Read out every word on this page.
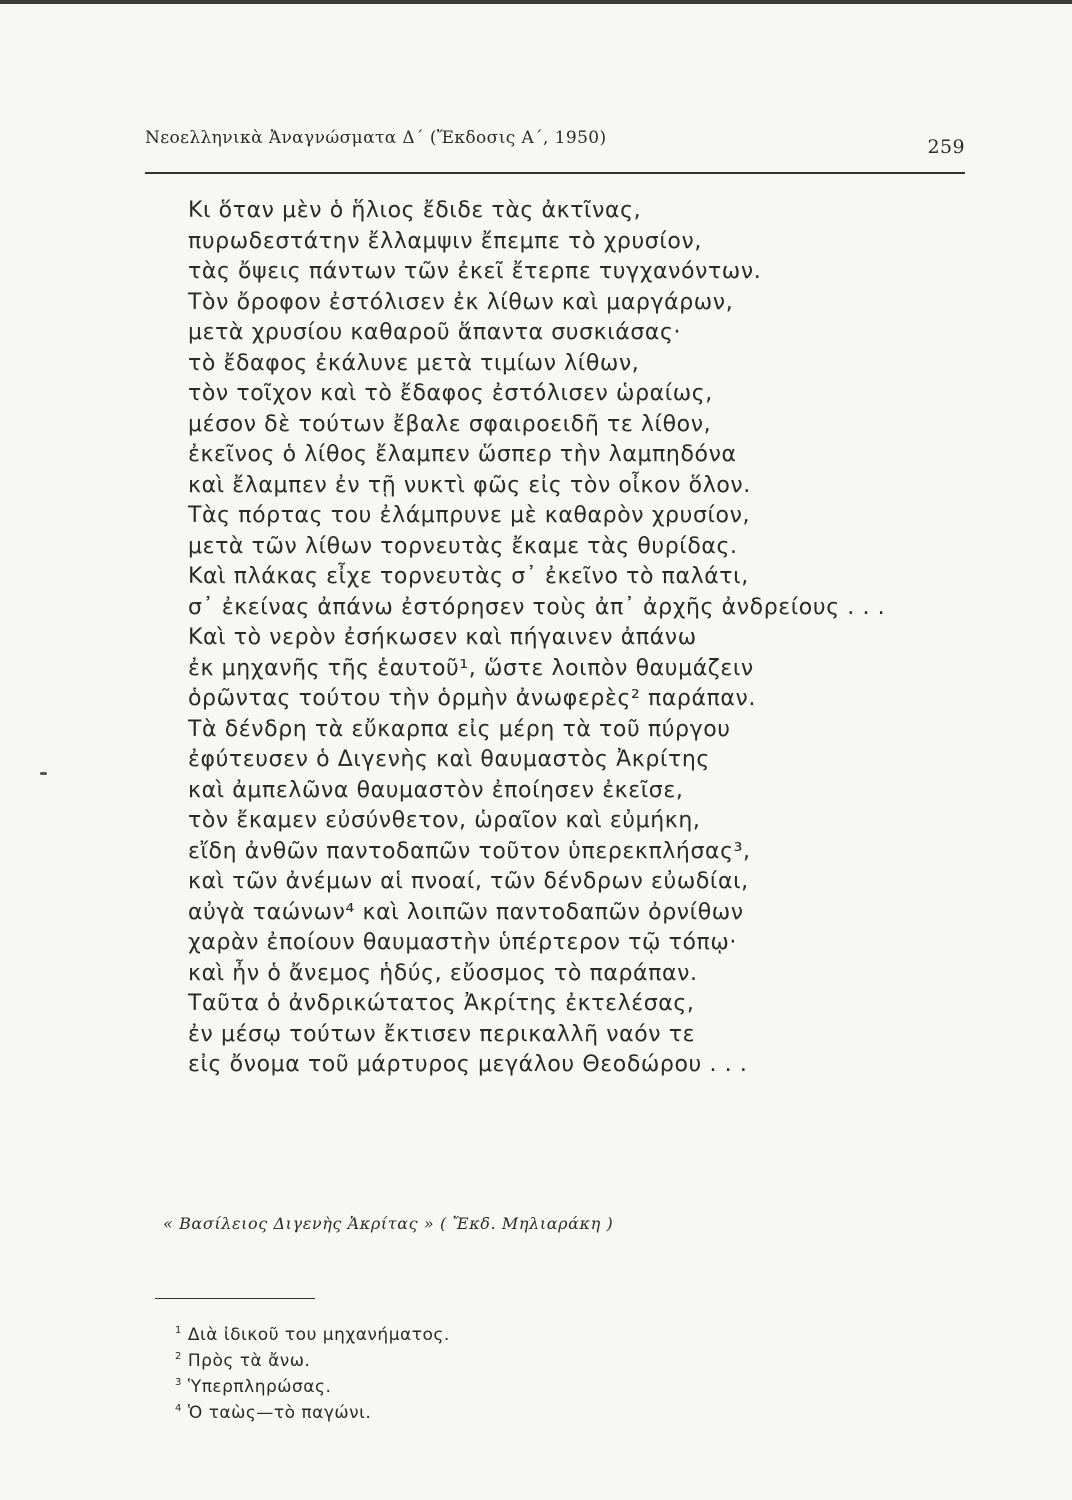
Νεοελληνικὰ Ἀναγνώσματα Δ΄ (Ἔκδοσις Α΄, 1950)	259
Κι ὅταν μὲν ὁ ἥλιος ἔδιδε τὰς ἀκτῖνας,
πυρωδεστάτην ἔλλαμψιν ἔπεμπε τὸ χρυσίον,
τὰς ὄψεις πάντων τῶν ἐκεῖ ἔτερπε τυγχανόντων.
Τὸν ὄροφον ἐστόλισεν ἐκ λίθων καὶ μαργάρων,
μετὰ χρυσίου καθαροῦ ἅπαντα συσκιάσας·
τὸ ἔδαφος ἐκάλυνε μετὰ τιμίων λίθων,
τὸν τοῖχον καὶ τὸ ἔδαφος ἐστόλισεν ὡραίως,
μέσον δὲ τούτων ἔβαλε σφαιροειδῆ τε λίθον,
ἐκεῖνος ὁ λίθος ἔλαμπεν ὥσπερ τὴν λαμπηδόνα
καὶ ἔλαμπεν ἐν τῇ νυκτὶ φῶς εἰς τὸν οἶκον ὅλον.
Τὰς πόρτας του ἐλάμπρυνε μὲ καθαρὸν χρυσίον,
μετὰ τῶν λίθων τορνευτὰς ἔκαμε τὰς θυρίδας.
Καὶ πλάκας εἶχε τορνευτὰς σ᾽ ἐκεῖνο τὸ παλάτι,
σ᾽ ἐκείνας ἀπάνω ἐστόρησεν τοὺς ἀπ᾽ ἀρχῆς ἀνδρείους . . .
Καὶ τὸ νερὸν ἐσήκωσεν καὶ πήγαινεν ἀπάνω
ἐκ μηχανῆς τῆς ἑαυτοῦ¹, ὥστε λοιπὸν θαυμάζειν
ὁρῶντας τούτου τὴν ὁρμὴν ἀνωφερὲς² παράπαν.
Τὰ δένδρη τὰ εὔκαρπα εἰς μέρη τὰ τοῦ πύργου
ἐφύτευσεν ὁ Διγενὴς καὶ θαυμαστὸς Ἀκρίτης
καὶ ἀμπελῶνα θαυμαστὸν ἐποίησεν ἐκεῖσε,
τὸν ἔκαμεν εὐσύνθετον, ὡραῖον καὶ εὐμήκη,
εἴδη ἀνθῶν παντοδαπῶν τοῦτον ὑπερεκπλήσας³,
καὶ τῶν ἀνέμων αἱ πνοαί, τῶν δένδρων εὐωδίαι,
αὐγὰ ταώνων⁴ καὶ λοιπῶν παντοδαπῶν ὀρνίθων
χαρὰν ἐποίουν θαυμαστὴν ὑπέρτερον τῷ τόπῳ·
καὶ ἦν ὁ ἄνεμος ἡδύς, εὔοσμος τὸ παράπαν.
Ταῦτα ὁ ἀνδρικώτατος Ἀκρίτης ἐκτελέσας,
ἐν μέσῳ τούτων ἔκτισεν περικαλλῆ ναόν τε
εἰς ὄνομα τοῦ μάρτυρος μεγάλου Θεοδώρου . . .
« Βασίλειος Διγενὴς Ἀκρίτας » ( Ἔκδ. Μηλιαράκη )
$^1$ Διὰ ἰδικοῦ του μηχανήματος.
$^2$ Πρὸς τὰ ἄνω.
$^3$ Ὑπερπληρώσας.
$^4$ Ὁ ταὼς—τὸ παγώνι.
